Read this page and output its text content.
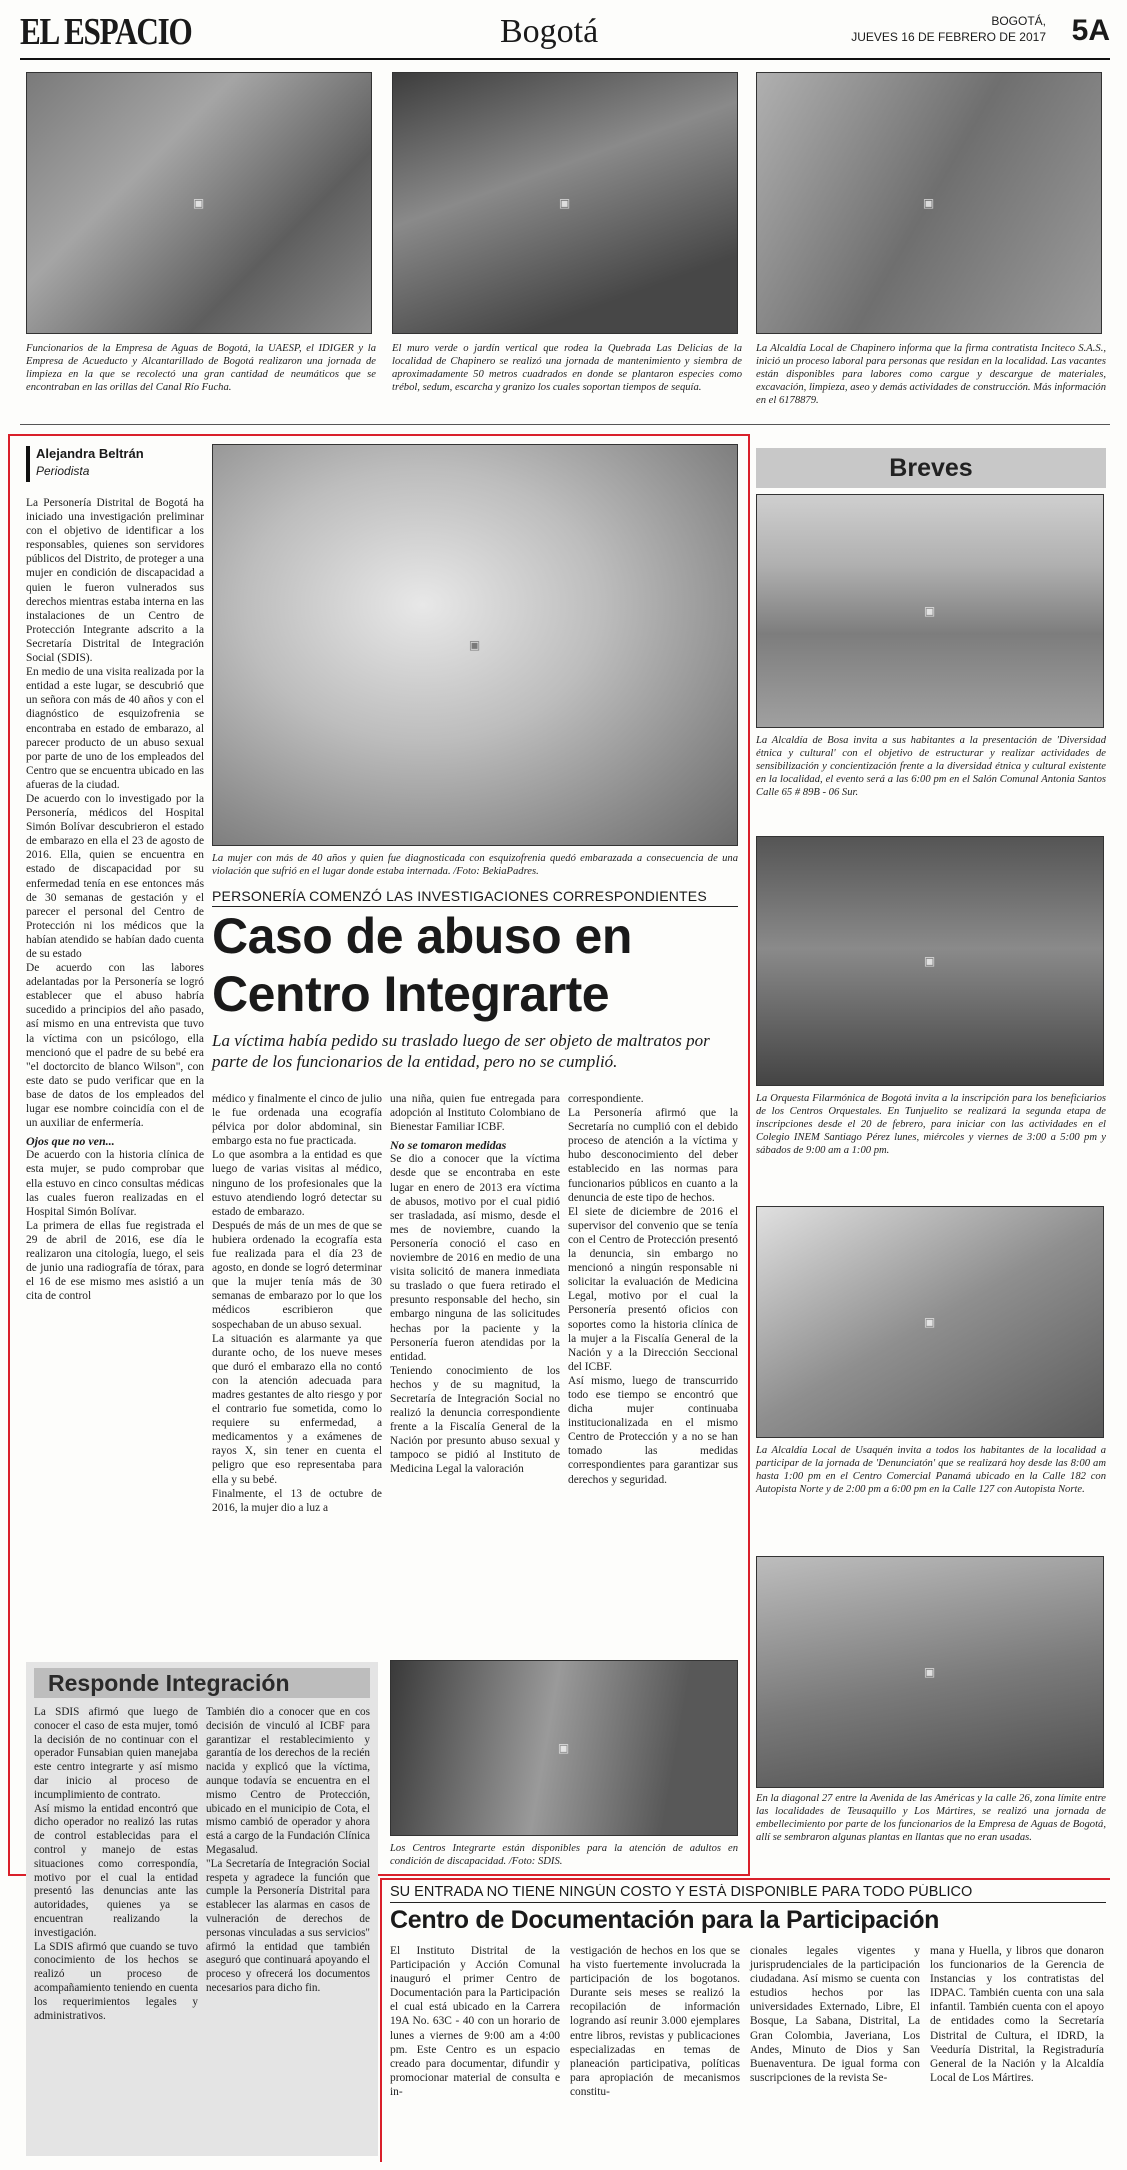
EL ESPACIO	Bogotá	BOGOTÁ,
JUEVES 16 DE FEBRERO DE 2017 5A
▣
Funcionarios de la Empresa de Aguas de Bogotá, la UAESP, el IDIGER y la Empresa de Acueducto y Alcantarillado de Bogotá realizaron una jornada de limpieza en la que se recolectó una gran cantidad de neumáticos que se encontraban en las orillas del Canal Río Fucha.
▣
El muro verde o jardín vertical que rodea la Quebrada Las Delicias de la localidad de Chapinero se realizó una jornada de mantenimiento y siembra de aproximadamente 50 metros cuadrados en donde se plantaron especies como trébol, sedum, escarcha y granizo los cuales soportan tiempos de sequía.
▣
La Alcaldía Local de Chapinero informa que la firma contratista Inciteco S.A.S., inició un proceso laboral para personas que residan en la localidad. Las vacantes están disponibles para labores como cargue y descargue de materiales, excavación, limpieza, aseo y demás actividades de construcción. Más información en el 6178879.
Alejandra Beltrán
Periodista

La Personería Distrital de Bogotá ha iniciado una investigación preliminar con el objetivo de identificar a los responsables, quienes son servidores públicos del Distrito, de proteger a una mujer en condición de discapacidad a quien le fueron vulnerados sus derechos mientras estaba interna en las instalaciones de un Centro de Protección Integrante adscrito a la Secretaría Distrital de Integración Social (SDIS).

En medio de una visita realizada por la entidad a este lugar, se descubrió que un señora con más de 40 años y con el diagnóstico de esquizofrenia se encontraba en estado de embarazo, al parecer producto de un abuso sexual por parte de uno de los empleados del Centro que se encuentra ubicado en las afueras de la ciudad.

De acuerdo con lo investigado por la Personería, médicos del Hospital Simón Bolívar descubrieron el estado de embarazo en ella el 23 de agosto de 2016. Ella, quien se encuentra en estado de discapacidad por su enfermedad tenía en ese entonces más de 30 semanas de gestación y el parecer el personal del Centro de Protección ni los médicos que la habían atendido se habían dado cuenta de su estado

De acuerdo con las labores adelantadas por la Personería se logró establecer que el abuso habría sucedido a principios del año pasado, así mismo en una entrevista que tuvo la víctima con un psicólogo, ella mencionó que el padre de su bebé era "el doctorcito de blanco Wilson", con este dato se pudo verificar que en la base de datos de los empleados del lugar ese nombre coincidía con el de un auxiliar de enfermería.

Ojos que no ven...

De acuerdo con la historia clínica de esta mujer, se pudo comprobar que ella estuvo en cinco consultas médicas las cuales fueron realizadas en el Hospital Simón Bolívar.

La primera de ellas fue registrada el 29 de abril de 2016, ese día le realizaron una citología, luego, el seis de junio una radiografía de tórax, para el 16 de ese mismo mes asistió a un cita de control

▣
La mujer con más de 40 años y quien fue diagnosticada con esquizofrenia quedó embarazada a consecuencia de una violación que sufrió en el lugar donde estaba internada. /Foto: BekiaPadres.
PERSONERÍA COMENZÓ LAS INVESTIGACIONES CORRESPONDIENTES
Caso de abuso en
Centro Integrarte
La víctima había pedido su traslado luego de ser objeto de maltratos por parte de los funcionarios de la entidad, pero no se cumplió.

médico y finalmente el cinco de julio le fue ordenada una ecografía pélvica por dolor abdominal, sin embargo esta no fue practicada.

Lo que asombra a la entidad es que luego de varias visitas al médico, ninguno de los profesionales que la estuvo atendiendo logró detectar su estado de embarazo.

Después de más de un mes de que se hubiera ordenado la ecografía esta fue realizada para el día 23 de agosto, en donde se logró determinar que la mujer tenía más de 30 semanas de embarazo por lo que los médicos escribieron que sospechaban de un abuso sexual.

La situación es alarmante ya que durante ocho, de los nueve meses que duró el embarazo ella no contó con la atención adecuada para madres gestantes de alto riesgo y por el contrario fue sometida, como lo requiere su enfermedad, a medicamentos y a exámenes de rayos X, sin tener en cuenta el peligro que eso representaba para ella y su bebé.

Finalmente, el 13 de octubre de 2016, la mujer dio a luz a

una niña, quien fue entregada para adopción al Instituto Colombiano de Bienestar Familiar ICBF.

No se tomaron medidas

Se dio a conocer que la víctima desde que se encontraba en este lugar en enero de 2013 era víctima de abusos, motivo por el cual pidió ser trasladada, así mismo, desde el mes de noviembre, cuando la Personería conoció el caso en noviembre de 2016 en medio de una visita solicitó de manera inmediata su traslado o que fuera retirado el presunto responsable del hecho, sin embargo ninguna de las solicitudes hechas por la paciente y la Personería fueron atendidas por la entidad.

Teniendo conocimiento de los hechos y de su magnitud, la Secretaría de Integración Social no realizó la denuncia correspondiente frente a la Fiscalía General de la Nación por presunto abuso sexual y tampoco se pidió al Instituto de Medicina Legal la valoración

correspondiente.

La Personería afirmó que la Secretaría no cumplió con el debido proceso de atención a la víctima y hubo desconocimiento del deber establecido en las normas para funcionarios públicos en cuanto a la denuncia de este tipo de hechos.

El siete de diciembre de 2016 el supervisor del convenio que se tenía con el Centro de Protección presentó la denuncia, sin embargo no mencionó a ningún responsable ni solicitar la evaluación de Medicina Legal, motivo por el cual la Personería presentó oficios con soportes como la historia clínica de la mujer a la Fiscalía General de la Nación y a la Dirección Seccional del ICBF.

Así mismo, luego de transcurrido todo ese tiempo se encontró que dicha mujer continuaba institucionalizada en el mismo Centro de Protección y a no se han tomado las medidas correspondientes para garantizar sus derechos y seguridad.

▣
Los Centros Integrarte están disponibles para la atención de adultos en condición de discapacidad. /Foto: SDIS.
Responde Integración

La SDIS afirmó que luego de conocer el caso de esta mujer, tomó la decisión de no continuar con el operador Funsabian quien manejaba este centro integrarte y así mismo dar inicio al proceso de incumplimiento de contrato.

Así mismo la entidad encontró que dicho operador no realizó las rutas de control establecidas para el control y manejo de estas situaciones como correspondía, motivo por el cual la entidad presentó las denuncias ante las autoridades, quienes ya se encuentran realizando la investigación.

La SDIS afirmó que cuando se tuvo conocimiento de los hechos se realizó un proceso de acompañamiento teniendo en cuenta los requerimientos legales y administrativos.

También dio a conocer que en cos decisión de vinculó al ICBF para garantizar el restablecimiento y garantía de los derechos de la recién nacida y explicó que la víctima, aunque todavía se encuentra en el mismo Centro de Protección, ubicado en el municipio de Cota, el mismo cambió de operador y ahora está a cargo de la Fundación Clínica Megasalud.

"La Secretaría de Integración Social respeta y agradece la función que cumple la Personería Distrital para establecer las alarmas en casos de vulneración de derechos de personas vinculadas a sus servicios" afirmó la entidad que también aseguró que continuará apoyando el proceso y ofrecerá los documentos necesarios para dicho fin.

Breves
▣
La Alcaldía de Bosa invita a sus habitantes a la presentación de 'Diversidad étnica y cultural' con el objetivo de estructurar y realizar actividades de sensibilización y concientización frente a la diversidad étnica y cultural existente en la localidad, el evento será a las 6:00 pm en el Salón Comunal Antonia Santos Calle 65 # 89B - 06 Sur.
▣
La Orquesta Filarmónica de Bogotá invita a la inscripción para los beneficiarios de los Centros Orquestales. En Tunjuelito se realizará la segunda etapa de inscripciones desde el 20 de febrero, para iniciar con las actividades en el Colegio INEM Santiago Pérez lunes, miércoles y viernes de 3:00 a 5:00 pm y sábados de 9:00 am a 1:00 pm.
▣
La Alcaldía Local de Usaquén invita a todos los habitantes de la localidad a participar de la jornada de 'Denunciatón' que se realizará hoy desde las 8:00 am hasta 1:00 pm en el Centro Comercial Panamá ubicado en la Calle 182 con Autopista Norte y de 2:00 pm a 6:00 pm en la Calle 127 con Autopista Norte.
▣
En la diagonal 27 entre la Avenida de las Américas y la calle 26, zona límite entre las localidades de Teusaquillo y Los Mártires, se realizó una jornada de embellecimiento por parte de los funcionarios de la Empresa de Aguas de Bogotá, allí se sembraron algunas plantas en llantas que no eran usadas.
SU ENTRADA NO TIENE NINGÚN COSTO Y ESTÁ DISPONIBLE PARA TODO PÚBLICO
Centro de Documentación para la Participación
El Instituto Distrital de la Participación y Acción Comunal inauguró el primer Centro de Documentación para la Participación el cual está ubicado en la Carrera 19A No. 63C - 40 con un horario de lunes a viernes de 9:00 am a 4:00 pm. Este Centro es un espacio creado para documentar, difundir y promocionar material de consulta e in-
vestigación de hechos en los que se ha visto fuertemente involucrada la participación de los bogotanos. Durante seis meses se realizó la recopilación de información logrando así reunir 3.000 ejemplares entre libros, revistas y publicaciones especializadas en temas de planeación participativa, políticas para apropiación de mecanismos constitu-
cionales legales vigentes y jurisprudenciales de la participación ciudadana. Así mismo se cuenta con estudios hechos por las universidades Externado, Libre, El Bosque, La Sabana, Distrital, La Gran Colombia, Javeriana, Los Andes, Minuto de Dios y San Buenaventura. De igual forma con suscripciones de la revista Se-
mana y Huella, y libros que donaron los funcionarios de la Gerencia de Instancias y los contratistas del IDPAC. También cuenta con una sala infantil. También cuenta con el apoyo de entidades como la Secretaría Distrital de Cultura, el IDRD, la Veeduría Distrital, la Registraduría General de la Nación y la Alcaldía Local de Los Mártires.
